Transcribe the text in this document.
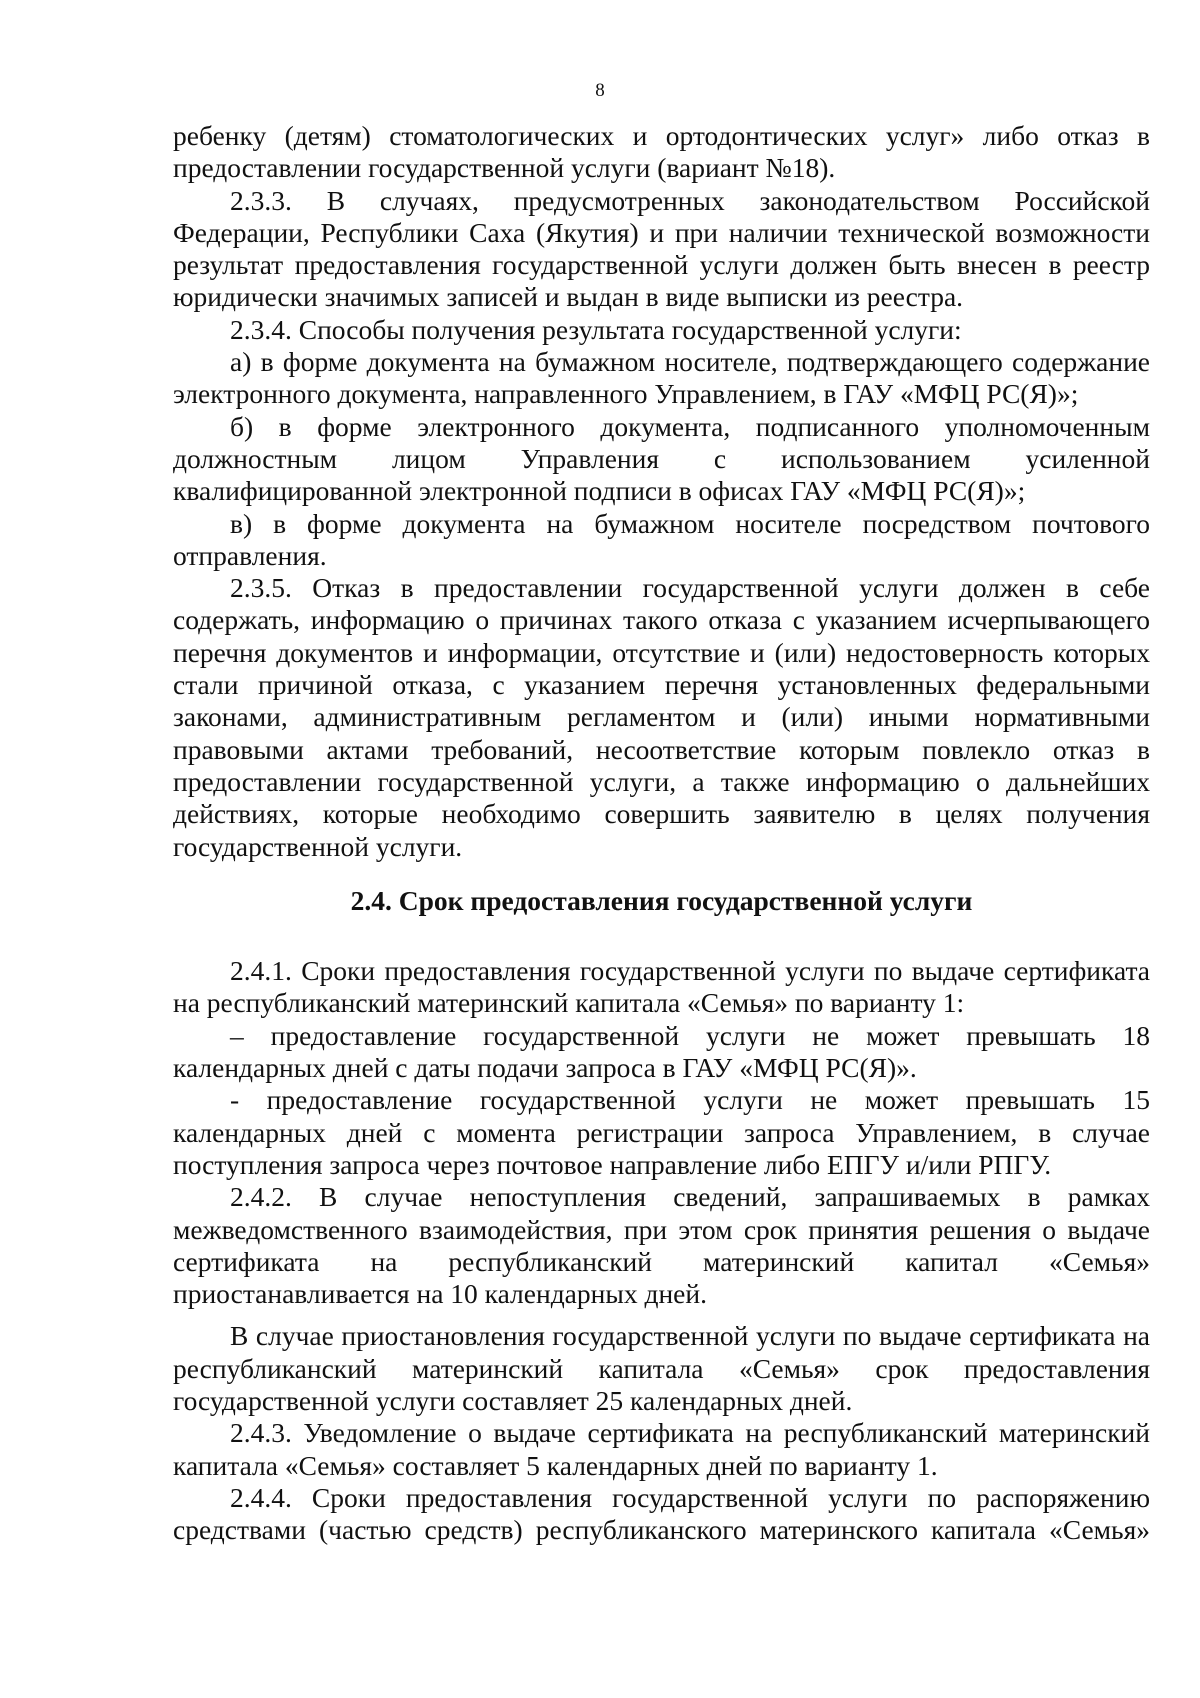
8

ребенку (детям) стоматологических и ортодонтических услуг» либо отказ в предоставлении государственной услуги (вариант №18).

2.3.3. В случаях, предусмотренных законодательством Российской Федерации, Республики Саха (Якутия) и при наличии технической возможности результат предоставления государственной услуги должен быть внесен в реестр юридически значимых записей и выдан в виде выписки из реестра.

2.3.4. Способы получения результата государственной услуги:

а) в форме документа на бумажном носителе, подтверждающего содержание электронного документа, направленного Управлением, в ГАУ «МФЦ РС(Я)»;

б) в форме электронного документа, подписанного уполномоченным должностным лицом Управления с использованием усиленной квалифицированной электронной подписи в офисах ГАУ «МФЦ РС(Я)»;

в) в форме документа на бумажном носителе посредством почтового отправления.

2.3.5. Отказ в предоставлении государственной услуги должен в себе содержать, информацию о причинах такого отказа с указанием исчерпывающего перечня документов и информации, отсутствие и (или) недостоверность которых стали причиной отказа, с указанием перечня установленных федеральными законами, административным регламентом и (или) иными нормативными правовыми актами требований, несоответствие которым повлекло отказ в предоставлении государственной услуги, а также информацию о дальнейших действиях, которые необходимо совершить заявителю в целях получения государственной услуги.

2.4. Срок предоставления государственной услуги

2.4.1. Сроки предоставления государственной услуги по выдаче сертификата на республиканский материнский капитала «Семья» по варианту 1:

– предоставление государственной услуги не может превышать 18 календарных дней с даты подачи запроса в ГАУ «МФЦ РС(Я)».

- предоставление государственной услуги не может превышать 15 календарных дней с момента регистрации запроса Управлением, в случае поступления запроса через почтовое направление либо ЕПГУ и/или РПГУ.

2.4.2. В случае непоступления сведений, запрашиваемых в рамках межведомственного взаимодействия, при этом срок принятия решения о выдаче сертификата на республиканский материнский капитал «Семья» приостанавливается на 10 календарных дней.

В случае приостановления государственной услуги по выдаче сертификата на республиканский материнский капитала «Семья» срок предоставления государственной услуги составляет 25 календарных дней.

2.4.3. Уведомление о выдаче сертификата на республиканский материнский капитала «Семья» составляет 5 календарных дней по варианту 1.

2.4.4. Сроки предоставления государственной услуги по распоряжению средствами (частью средств) республиканского материнского капитала «Семья»
